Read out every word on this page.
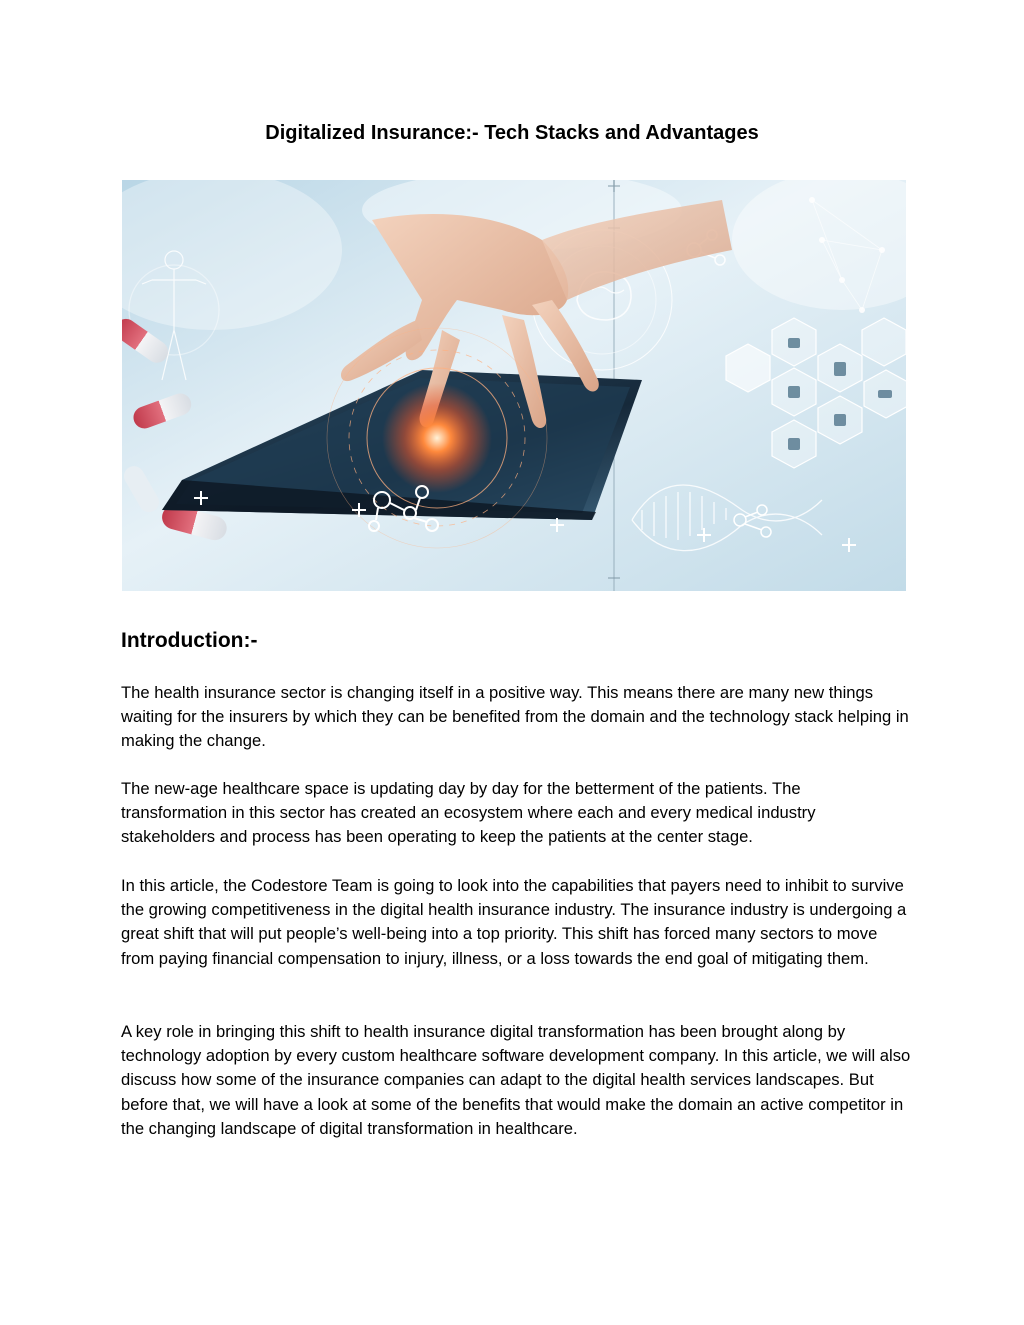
Digitalized Insurance:- Tech Stacks and Advantages
Introduction:-

The health insurance sector is changing itself in a positive way. This means there are many new things waiting for the insurers by which they can be benefited from the domain and the technology stack helping in making the change.

The new-age healthcare space is updating day by day for the betterment of the patients. The transformation in this sector has created an ecosystem where each and every medical industry stakeholders and process has been operating to keep the patients at the center stage.

In this article, the Codestore Team is going to look into the capabilities that payers need to inhibit to survive the growing competitiveness in the digital health insurance industry. The insurance industry is undergoing a great shift that will put people’s well-being into a top priority. This shift has forced many sectors to move from paying financial compensation to injury, illness, or a loss towards the end goal of mitigating them.

A key role in bringing this shift to health insurance digital transformation has been brought along by technology adoption by every custom healthcare software development company. In this article, we will also discuss how some of the insurance companies can adapt to the digital health services landscapes. But before that, we will have a look at some of the benefits that would make the domain an active competitor in the changing landscape of digital transformation in healthcare.
